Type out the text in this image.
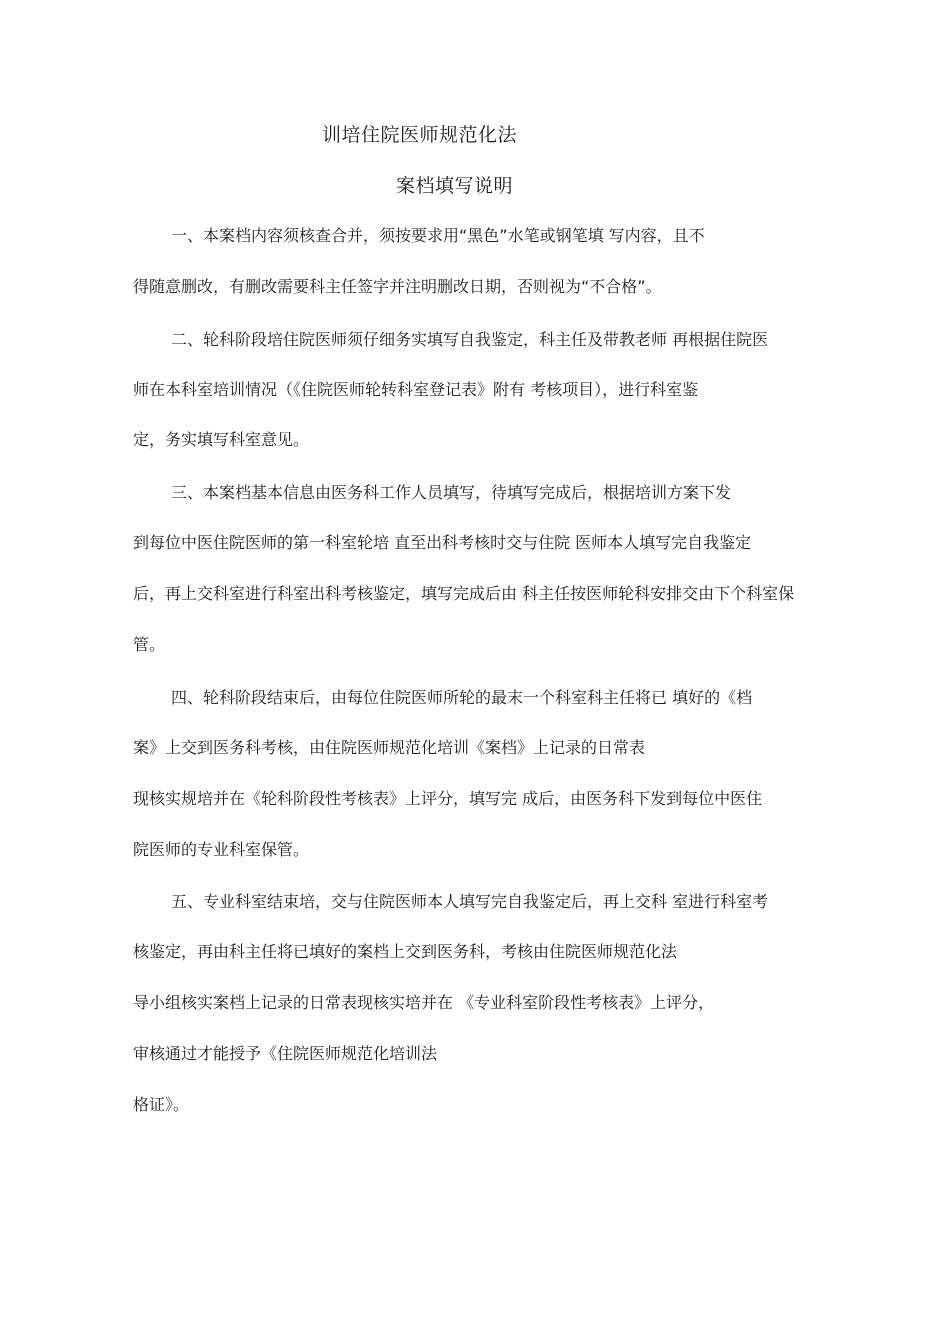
训培住院医师规范化法
案档填写说明
一、本案档内容须核查合并，须按要求用“黑色”水笔或钢笔填 写内容，且不
得随意删改，有删改需要科主任签字并注明删改日期，否则视为“不合格”。
二、轮科阶段培住院医师须仔细务实填写自我鉴定，科主任及带教老师 再根据住院医
师在本科室培训情况（《住院医师轮转科室登记表》附有 考核项目），进行科室鉴
定，务实填写科室意见。
三、本案档基本信息由医务科工作人员填写，待填写完成后，根据培训方案下发
到每位中医住院医师的第一科室轮培 直至出科考核时交与住院 医师本人填写完自我鉴定
后，再上交科室进行科室出科考核鉴定，填写完成后由 科主任按医师轮科安排交由下个科室保
管。
四、轮科阶段结束后，由每位住院医师所轮的最末一个科室科主任将已 填好的《档
案》上交到医务科考核，由住院医师规范化培训《案档》上记录的日常表
现核实规培并在《轮科阶段性考核表》上评分，填写完 成后，由医务科下发到每位中医住
院医师的专业科室保管。
五、专业科室结束培，交与住院医师本人填写完自我鉴定后，再上交科 室进行科室考
核鉴定，再由科主任将已填好的案档上交到医务科，考核由住院医师规范化法
导小组核实案档上记录的日常表现核实培并在 《专业科室阶段性考核表》上评分，
审核通过才能授予《住院医师规范化培训法
格证》。
